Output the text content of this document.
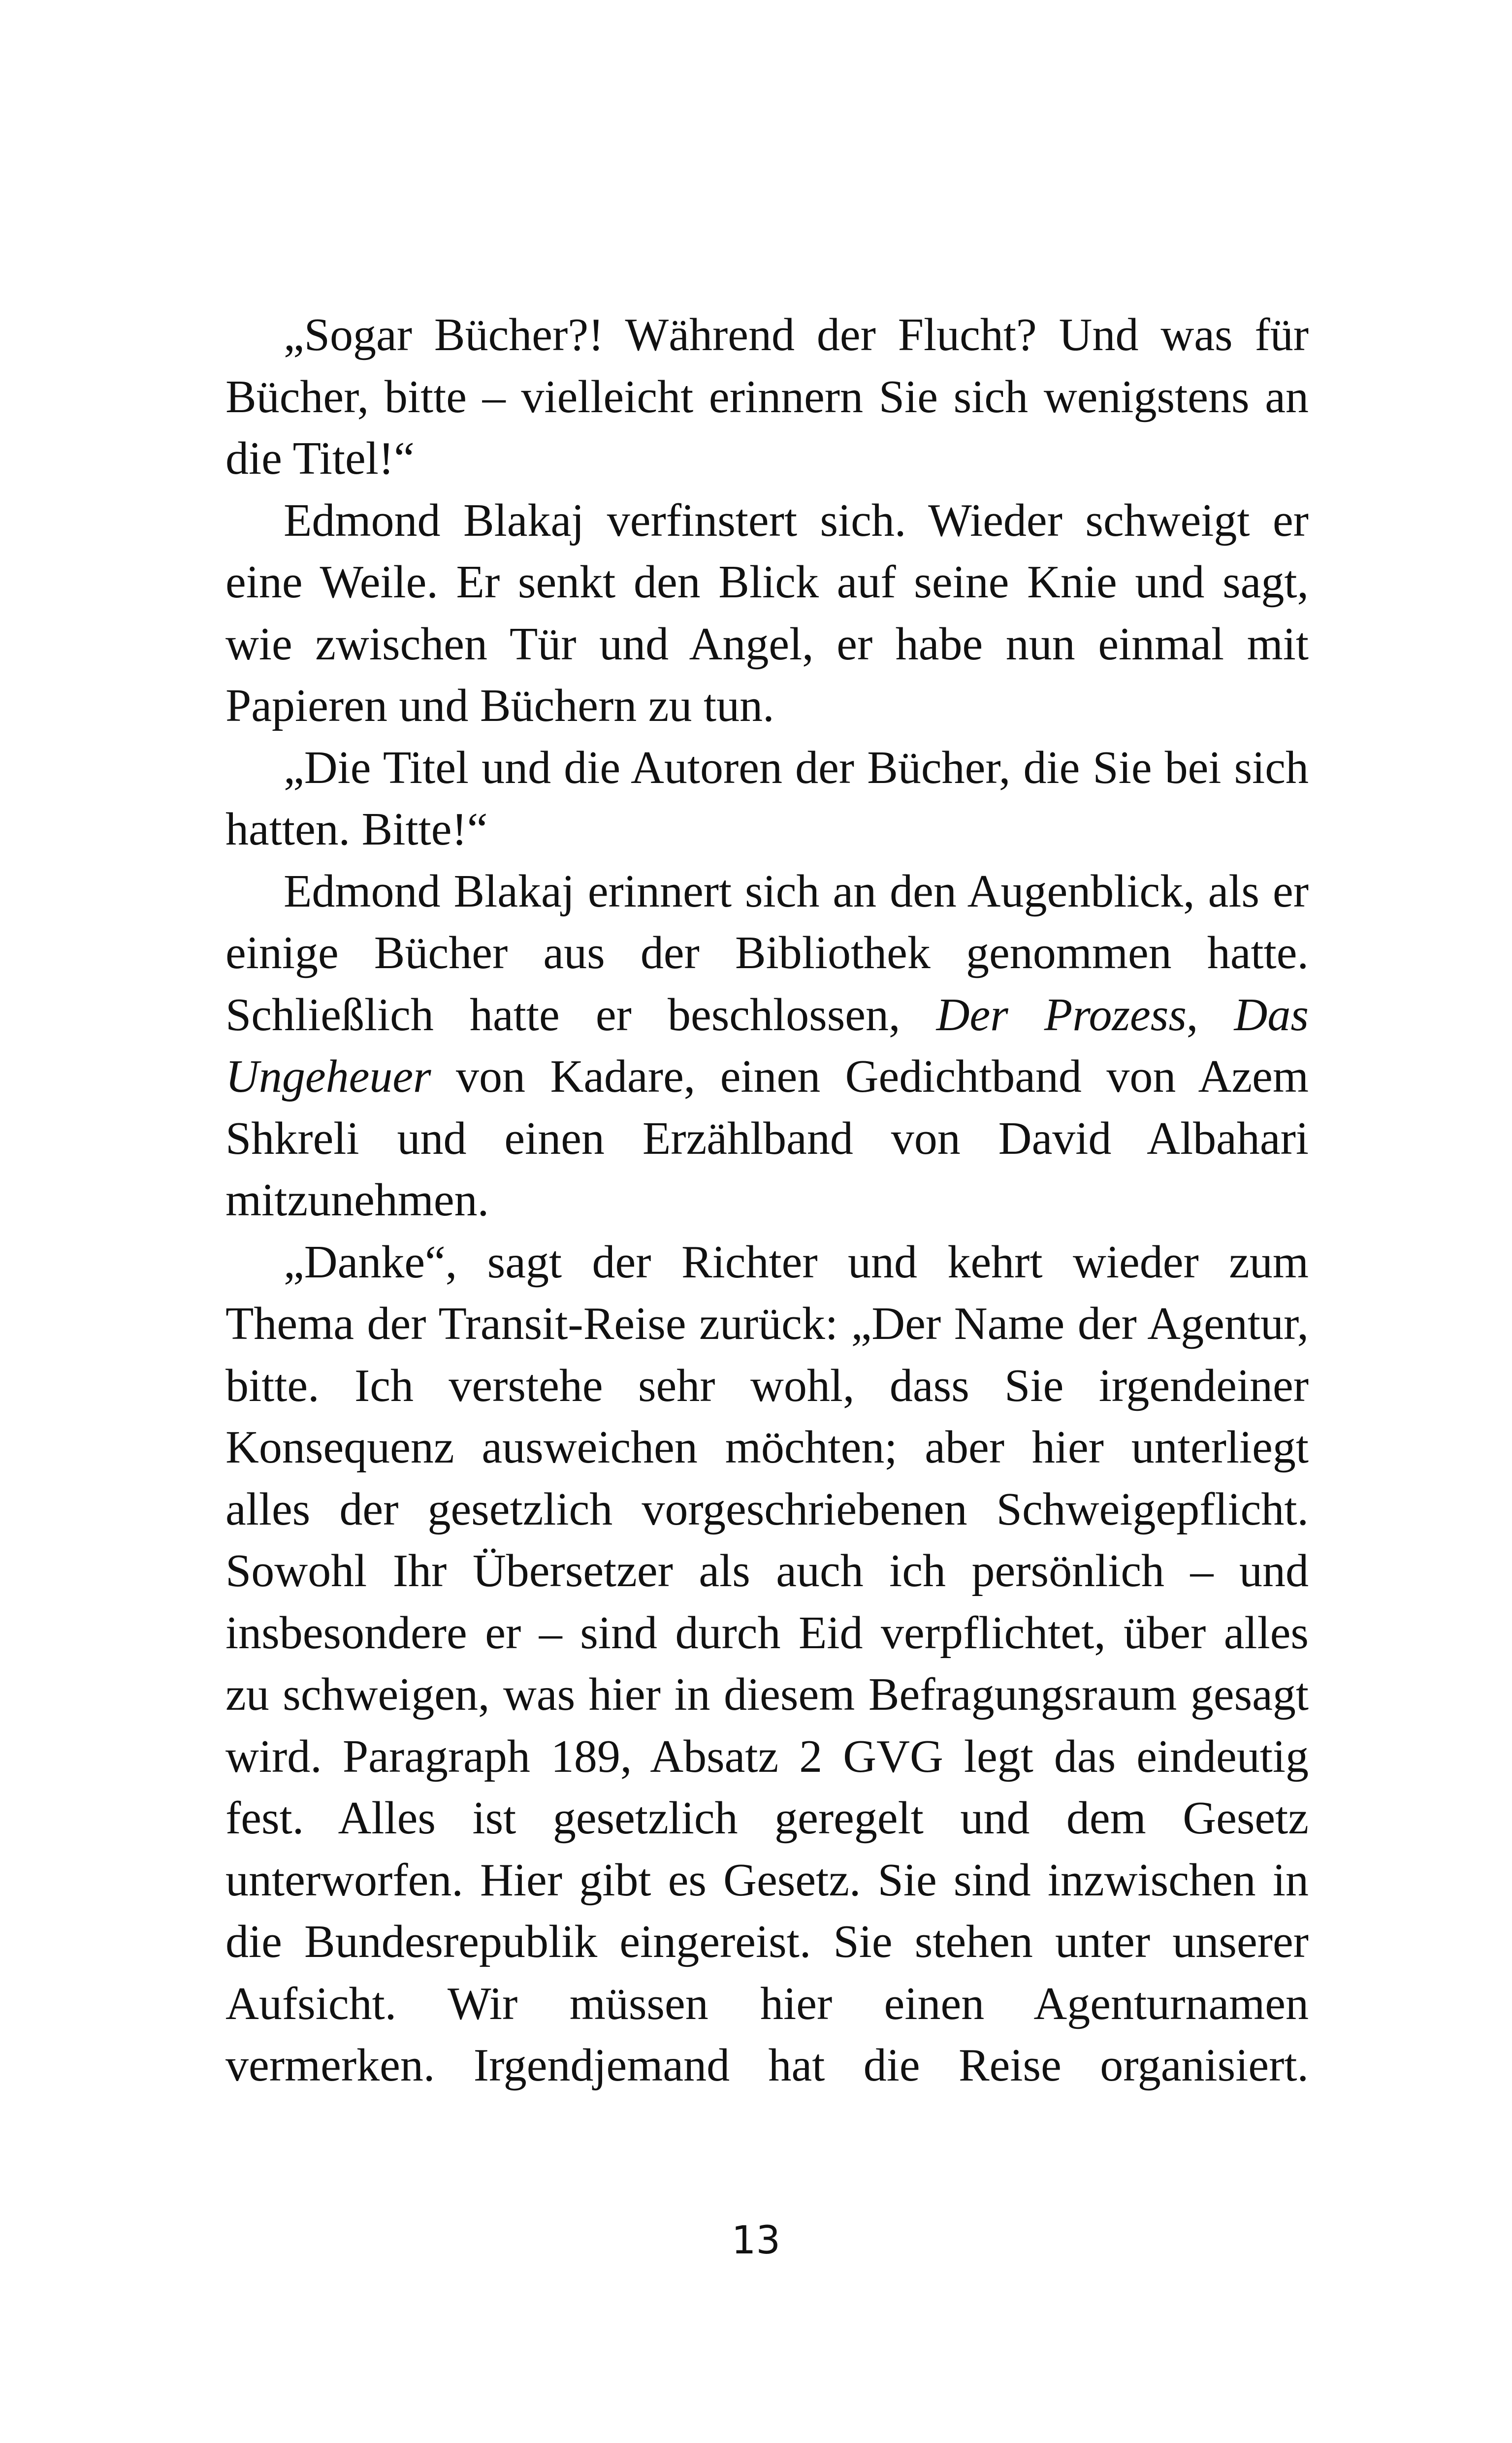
„Sogar Bücher?! Während der Flucht? Und was für Bücher, bitte – vielleicht erinnern Sie sich wenigstens an die Titel!“

Edmond Blakaj verfinstert sich. Wieder schweigt er eine Weile. Er senkt den Blick auf seine Knie und sagt, wie zwischen Tür und Angel, er habe nun einmal mit Papieren und Büchern zu tun.

„Die Titel und die Autoren der Bücher, die Sie bei sich hatten. Bitte!“

Edmond Blakaj erinnert sich an den Augenblick, als er einige Bücher aus der Bibliothek genommen hatte. Schließlich hatte er beschlossen, Der Prozess, Das Ungeheuer von Kadare, einen Gedichtband von Azem Shkreli und einen Erzählband von David Albahari mitzunehmen.

„Danke“, sagt der Richter und kehrt wieder zum Thema der Transit-Reise zurück: „Der Name der Agentur, bitte. Ich verstehe sehr wohl, dass Sie irgendeiner Konsequenz ausweichen möchten; aber hier unterliegt alles der gesetzlich vorgeschriebenen Schweigepflicht. Sowohl Ihr Übersetzer als auch ich persönlich – und insbesondere er – sind durch Eid verpflichtet, über alles zu schweigen, was hier in diesem Befragungsraum gesagt wird. Paragraph 189, Absatz 2 GVG legt das eindeutig fest. Alles ist gesetzlich geregelt und dem Gesetz unterworfen. Hier gibt es Gesetz. Sie sind inzwischen in die Bundesrepublik eingereist. Sie stehen unter unserer Aufsicht. Wir müssen hier einen Agenturnamen vermerken. Irgendjemand hat die Reise organisiert.

13
